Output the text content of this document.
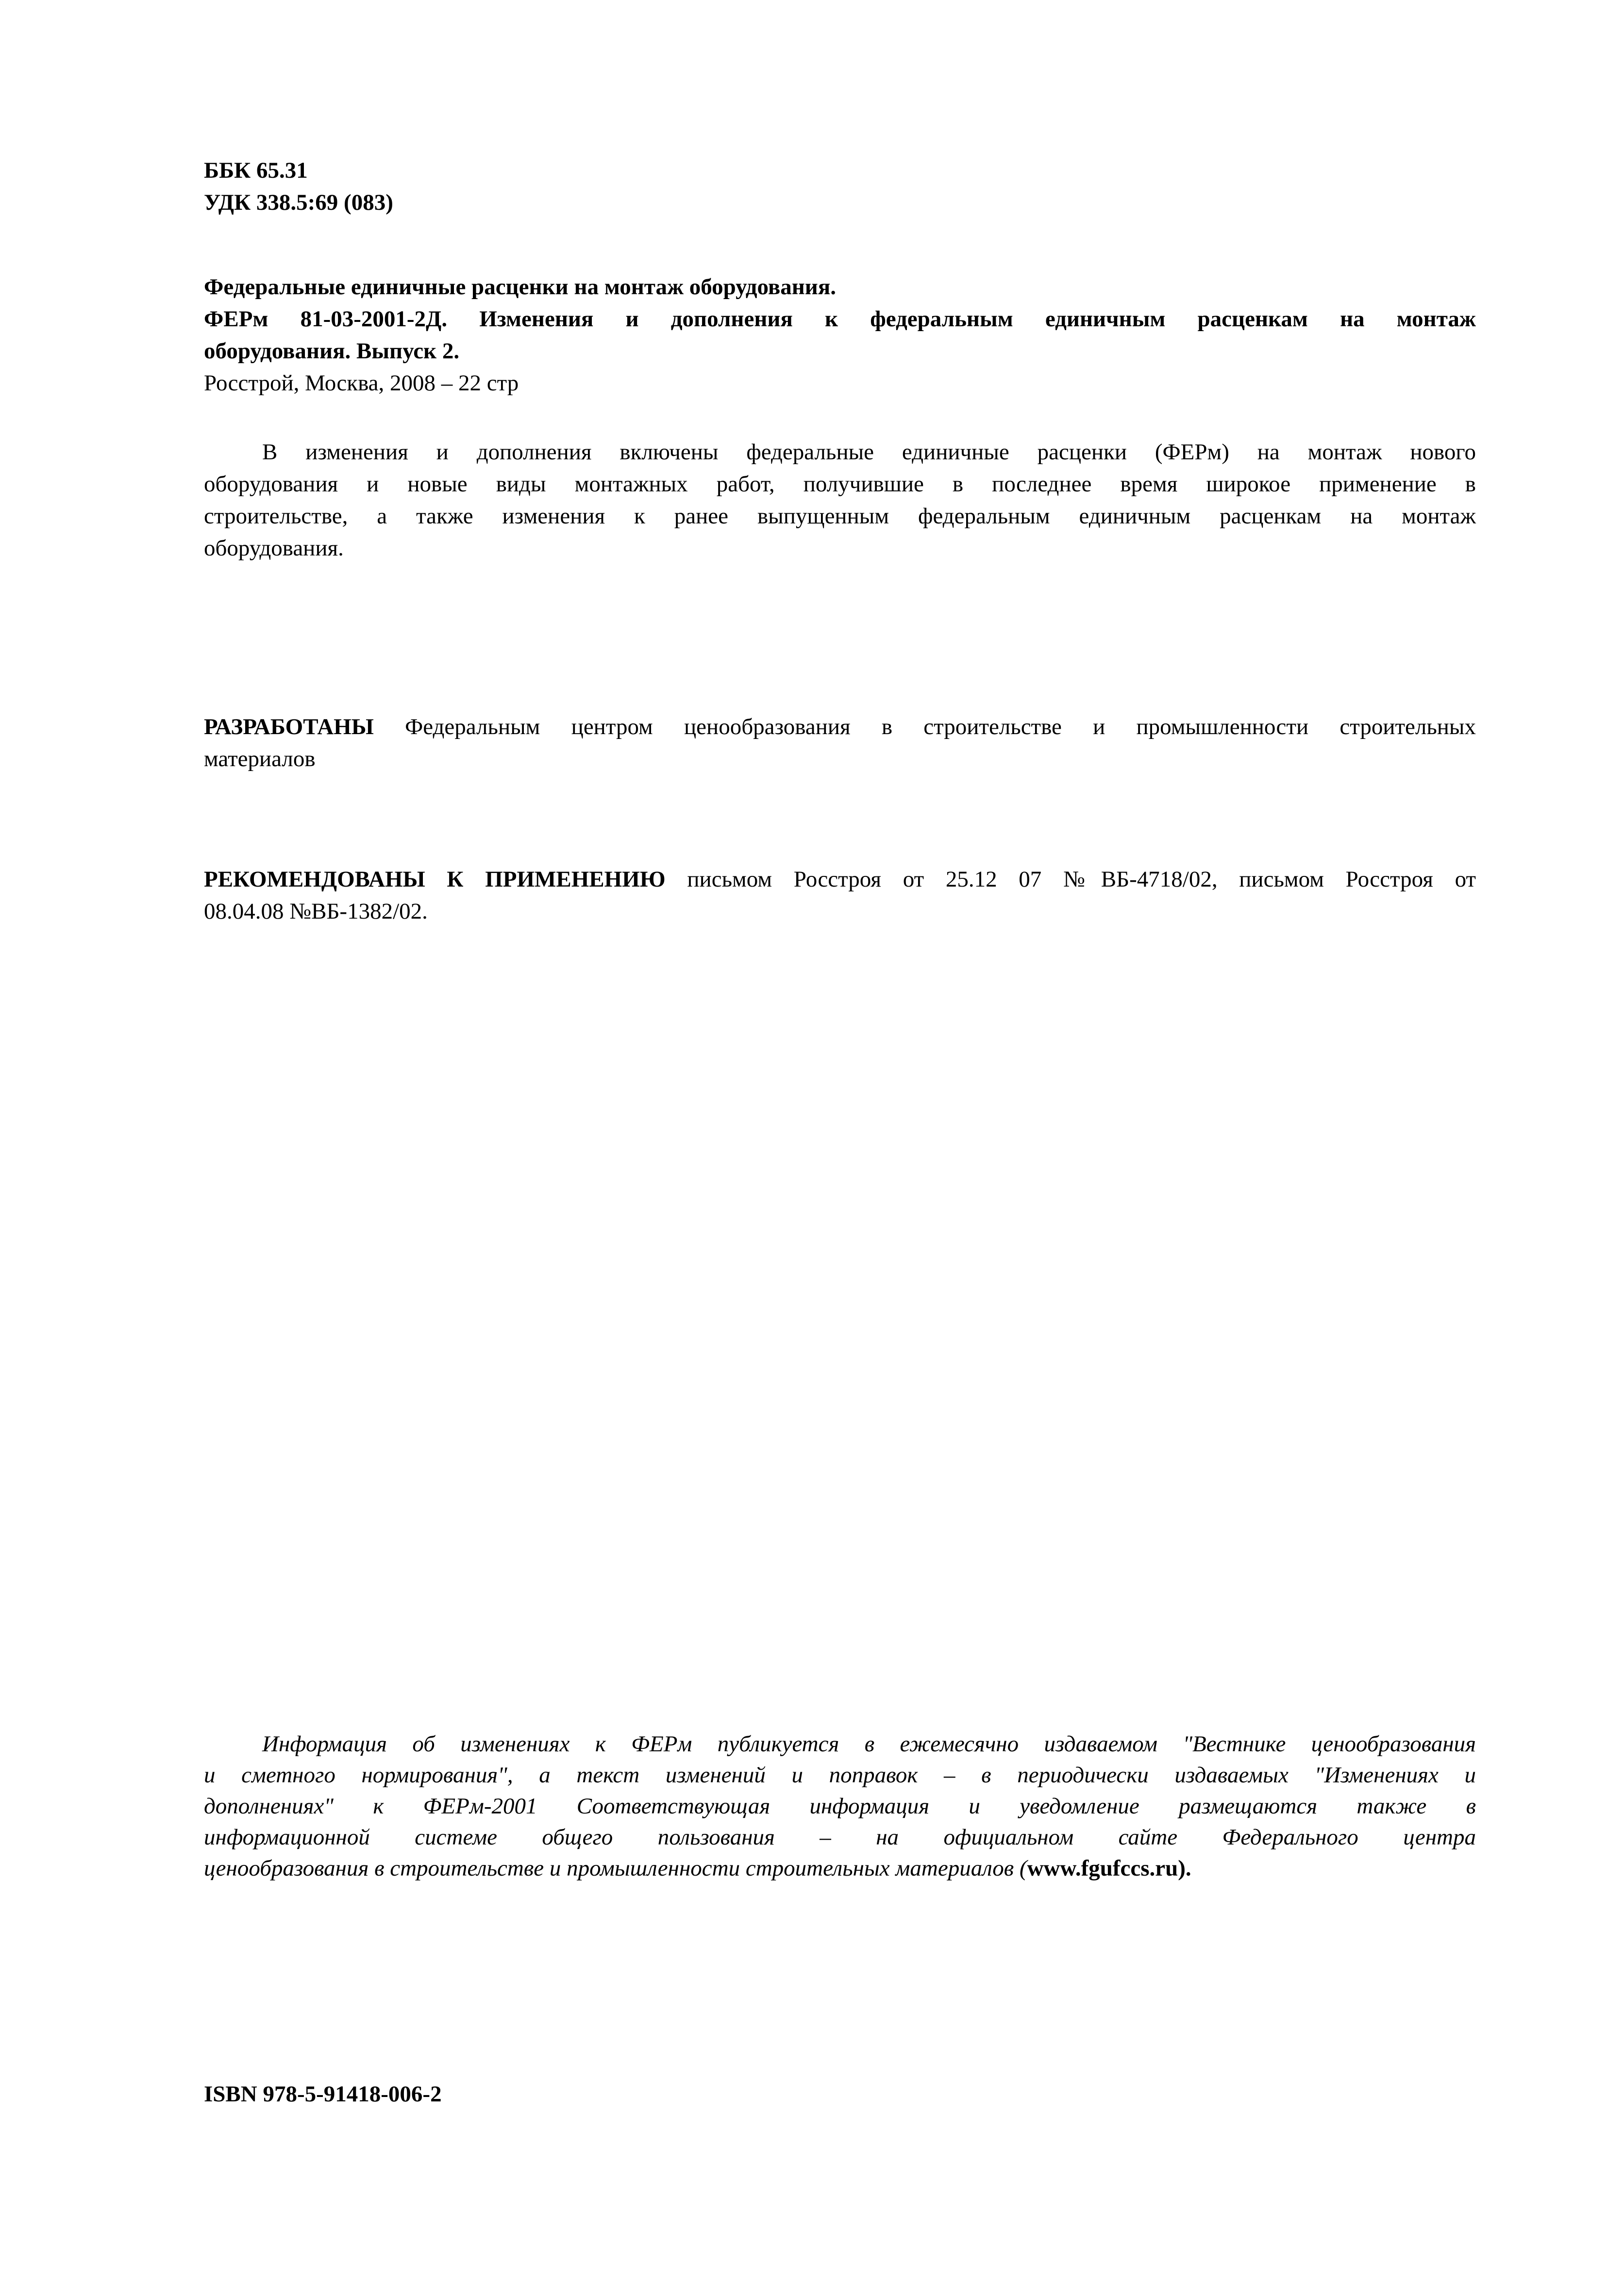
ББК 65.31
УДК 338.5:69 (083)
Федеральные единичные расценки на монтаж оборудования.
ФЕРм 81-03-2001-2Д. Изменения и дополнения к федеральным единичным расценкам на монтаж
оборудования. Выпуск 2.
Росстрой, Москва, 2008 – 22 стр
В изменения и дополнения включены федеральные единичные расценки (ФЕРм) на монтаж нового
оборудования и новые виды монтажных работ, получившие в последнее время широкое применение в
строительстве, а также изменения к ранее выпущенным федеральным единичным расценкам на монтаж
оборудования.
РАЗРАБОТАНЫ Федеральным центром ценообразования в строительстве и промышленности строительных
материалов
РЕКОМЕНДОВАНЫ К ПРИМЕНЕНИЮ письмом Росстроя от 25.12 07 №ВБ-4718/02, письмом Росстроя от
08.04.08 №ВБ-1382/02.
Информация об изменениях к ФЕРм публикуется в ежемесячно издаваемом "Вестнике ценообразования
и сметного нормирования", а текст изменений и поправок – в периодически издаваемых "Изменениях и
дополнениях" к ФЕРм-2001 Соответствующая информация и уведомление размещаются также в
информационной системе общего пользования – на официальном сайте Федерального центра
ценообразования в строительстве и промышленности строительных материалов (www.fgufccs.ru).
ISBN 978-5-91418-006-2
